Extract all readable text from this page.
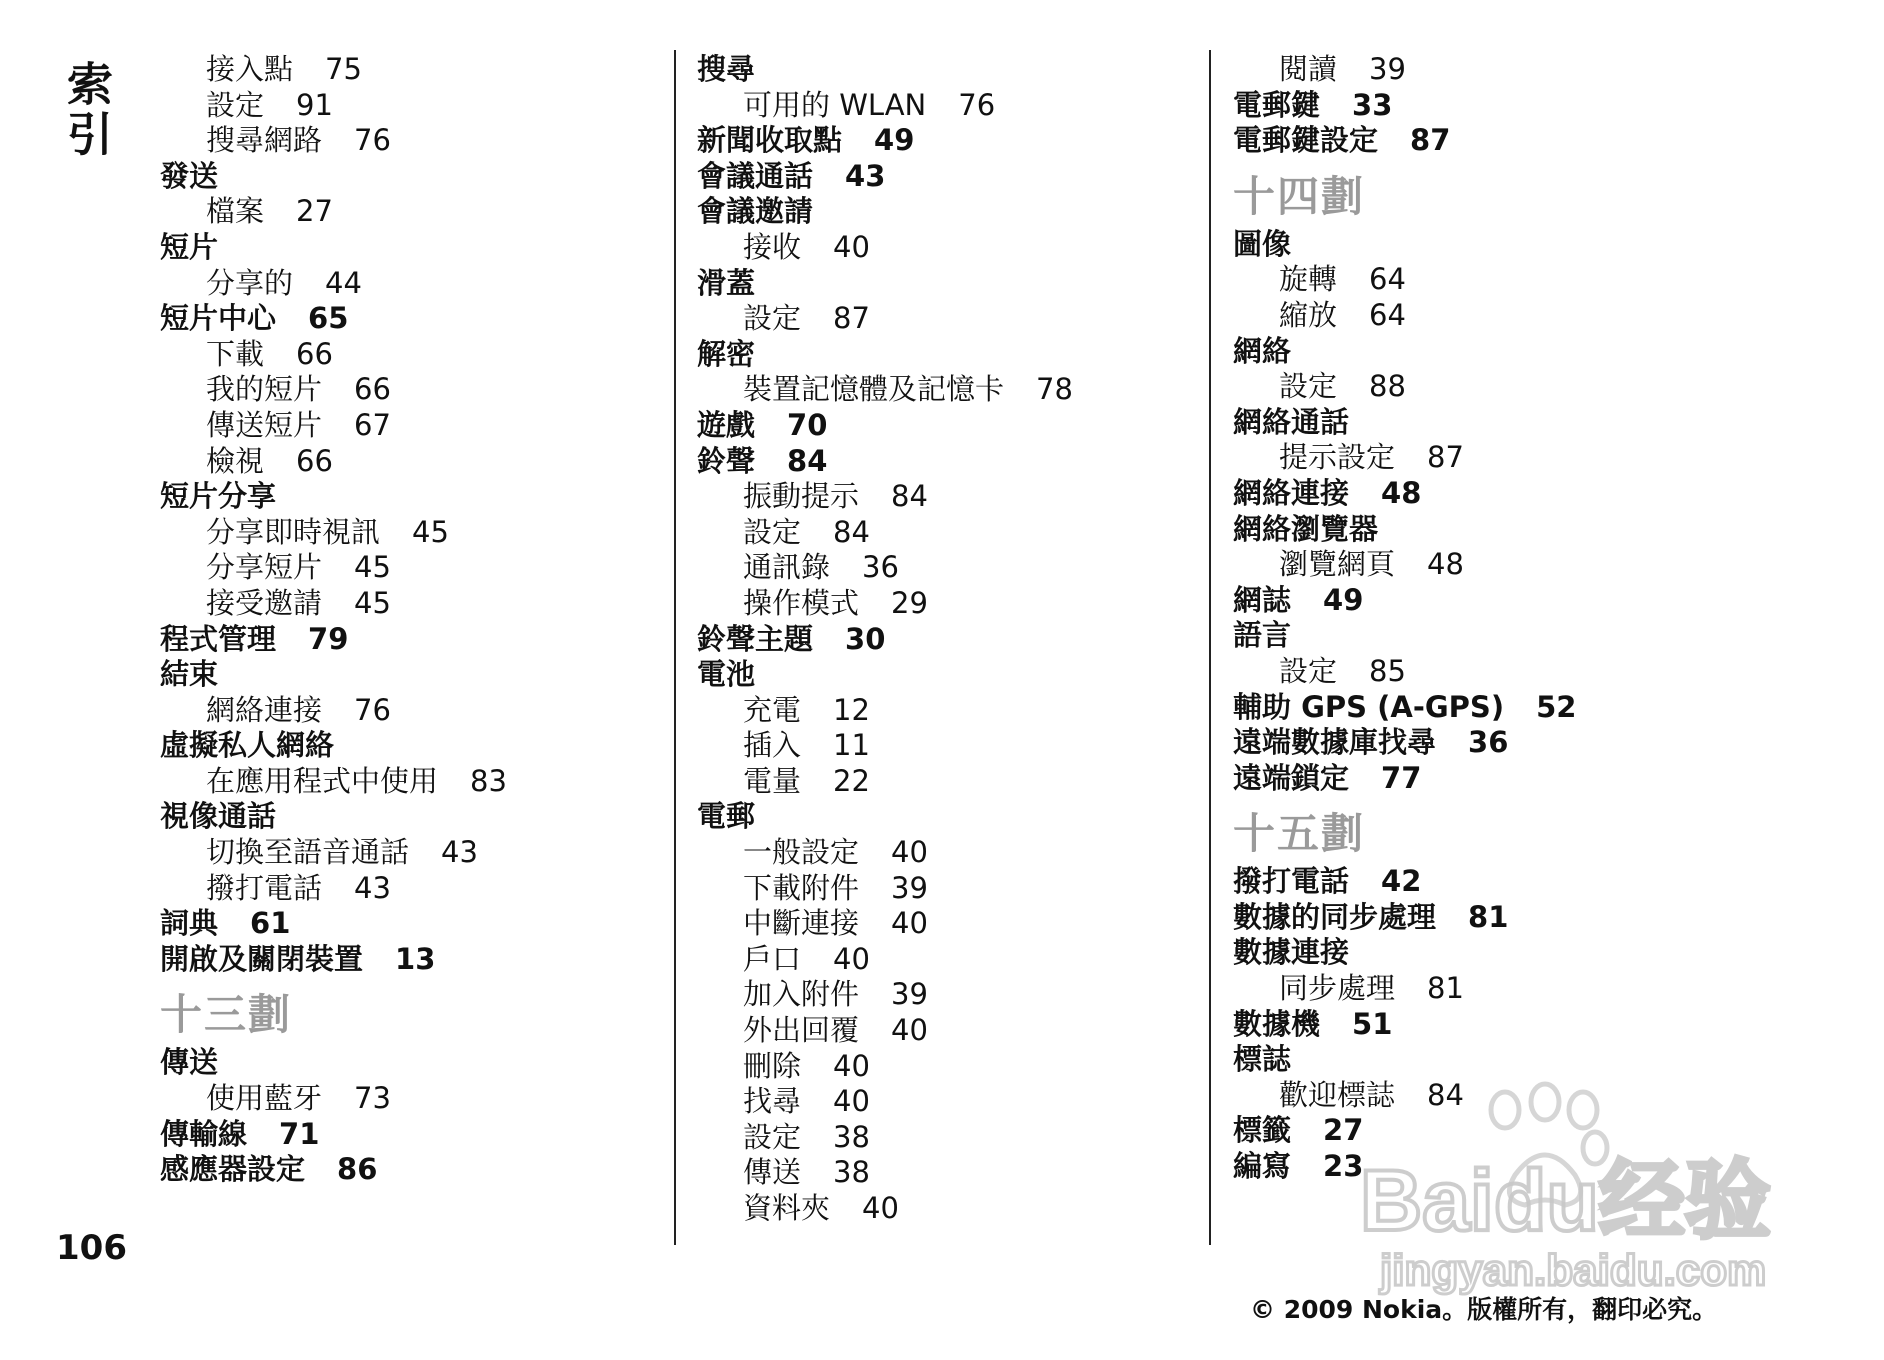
索引	接入點 75
設定 91
搜尋網路 76
發送
檔案 27
短片
分享的 44
短片中心 65
下載 66
我的短片 66
傳送短片 67
檢視 66
短片分享
分享即時視訊 45
分享短片 45
接受邀請 45
程式管理 79
結束
網絡連接 76
虛擬私人網絡
在應用程式中使用 83
視像通話
切換至語音通話 43
撥打電話 43
詞典 61
開啟及關閉裝置 13
十三劃
傳送
使用藍牙 73
傳輸線 71
感應器設定 86
搜尋
可用的 WLAN 76
新聞收取點 49
會議通話 43
會議邀請
接收 40
滑蓋
設定 87
解密
裝置記憶體及記憶卡 78
遊戲 70
鈴聲 84
振動提示 84
設定 84
通訊錄 36
操作模式 29
鈴聲主題 30
電池
充電 12
插入 11
電量 22
電郵
一般設定 40
下載附件 39
中斷連接 40
戶口 40
加入附件 39
外出回覆 40
刪除 40
找尋 40
設定 38
傳送 38
資料夾 40
閱讀 39
電郵鍵 33
電郵鍵設定 87
十四劃
圖像
旋轉 64
縮放 64
網絡
設定 88
網絡通話
提示設定 87
網絡連接 48
網絡瀏覽器
瀏覽網頁 48
網誌 49
語言
設定 85
輔助 GPS (A-GPS) 52
遠端數據庫找尋 36
遠端鎖定 77
十五劃
撥打電話 42
數據的同步處理 81
數據連接
同步處理 81
數據機 51
標誌
歡迎標誌 84
標籤 27
編寫 23
106	Baidu经验
jingyan.baidu.com
© 2009 Nokia。版權所有，翻印必究。
